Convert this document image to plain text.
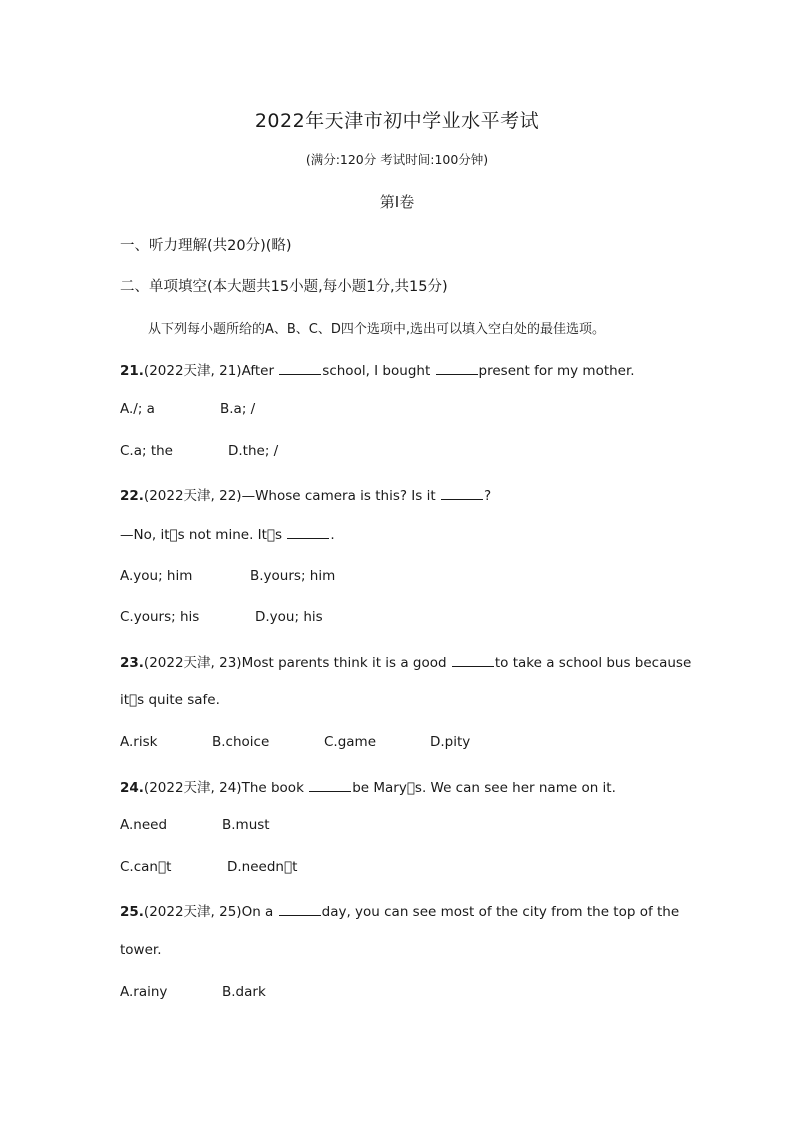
2022年天津市初中学业水平考试
(满分:120分 考试时间:100分钟)
第Ⅰ卷
一、听力理解(共20分)(略)
二、单项填空(本大题共15小题,每小题1分,共15分)
从下列每小题所给的A、B、C、D四个选项中,选出可以填入空白处的最佳选项。
21.(2022天津, 21)After	school, I bought	present for my mother.
A./; a	B.a; /
C.a; the	D.the; /
22.(2022天津, 22)—Whose camera is this? Is it	?
—No, it s not mine. It s	.
A.you; him	B.yours; him
C.yours; his	D.you; his
23.(2022天津, 23)Most parents think it is a good	to take a school bus because
it s quite safe.
A.risk	B.choice	C.game	D.pity
24.(2022天津, 24)The book	be Mary s. We can see her name on it.
A.need	B.must
C.can t	D.needn t
25.(2022天津, 25)On a	day, you can see most of the city from the top of the
tower.
A.rainy	B.dark
